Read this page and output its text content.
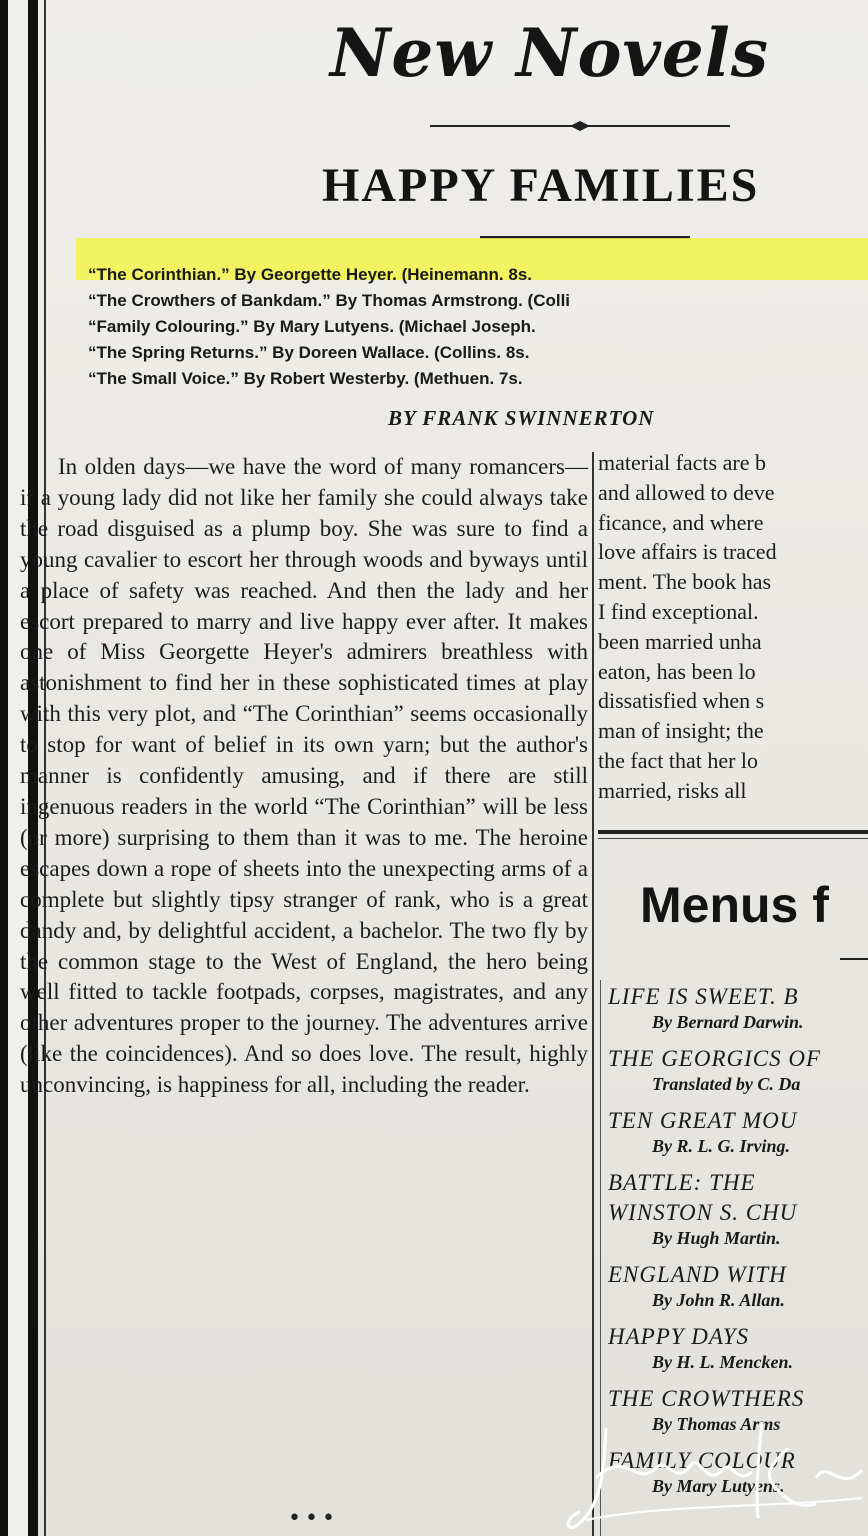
New Novels
HAPPY FAMILIES
“The Corinthian.” By Georgette Heyer. (Heinemann. 8s.
“The Crowthers of Bankdam.” By Thomas Armstrong. (Colli
“Family Colouring.” By Mary Lutyens. (Michael Joseph.
“The Spring Returns.” By Doreen Wallace. (Collins. 8s.
“The Small Voice.” By Robert Westerby. (Methuen. 7s.
BY FRANK SWINNERTON

In olden days—we have the word of many romancers—if a young lady did not like her family she could always take the road disguised as a plump boy. She was sure to find a young cavalier to escort her through woods and byways until a place of safety was reached. And then the lady and her escort prepared to marry and live happy ever after. It makes one of Miss Georgette Heyer's admirers breathless with astonishment to find her in these sophisticated times at play with this very plot, and “The Corinthian” seems occasionally to stop for want of belief in its own yarn; but the author's manner is confidently amusing, and if there are still ingenuous readers in the world “The Corinthian” will be less (or more) surprising to them than it was to me. The heroine escapes down a rope of sheets into the unexpecting arms of a complete but slightly tipsy stranger of rank, who is a great dandy and, by delightful accident, a bachelor. The two fly by the common stage to the West of England, the hero being well fitted to tackle footpads, corpses, magistrates, and any other adventures proper to the journey. The adventures arrive (like the coincidences). And so does love. The result, highly unconvincing, is happiness for all, including the reader.

material facts are b
and allowed to deve
ficance, and where
love affairs is traced
ment. The book has
I find exceptional.
been married unha
eaton, has been lo
dissatisfied when s
man of insight; the
the fact that her lo
married, risks all
Menus f
LIFE IS SWEET. B
By Bernard Darwin.
THE GEORGICS OF
Translated by C. Da
TEN GREAT MOU
By R. L. G. Irving.
BATTLE: THE
WINSTON S. CHU
By Hugh Martin.
ENGLAND WITH
By John R. Allan.
HAPPY DAYS
By H. L. Mencken.
THE CROWTHERS
By Thomas Arms
FAMILY COLOUR
By Mary Lutyens.
•••
